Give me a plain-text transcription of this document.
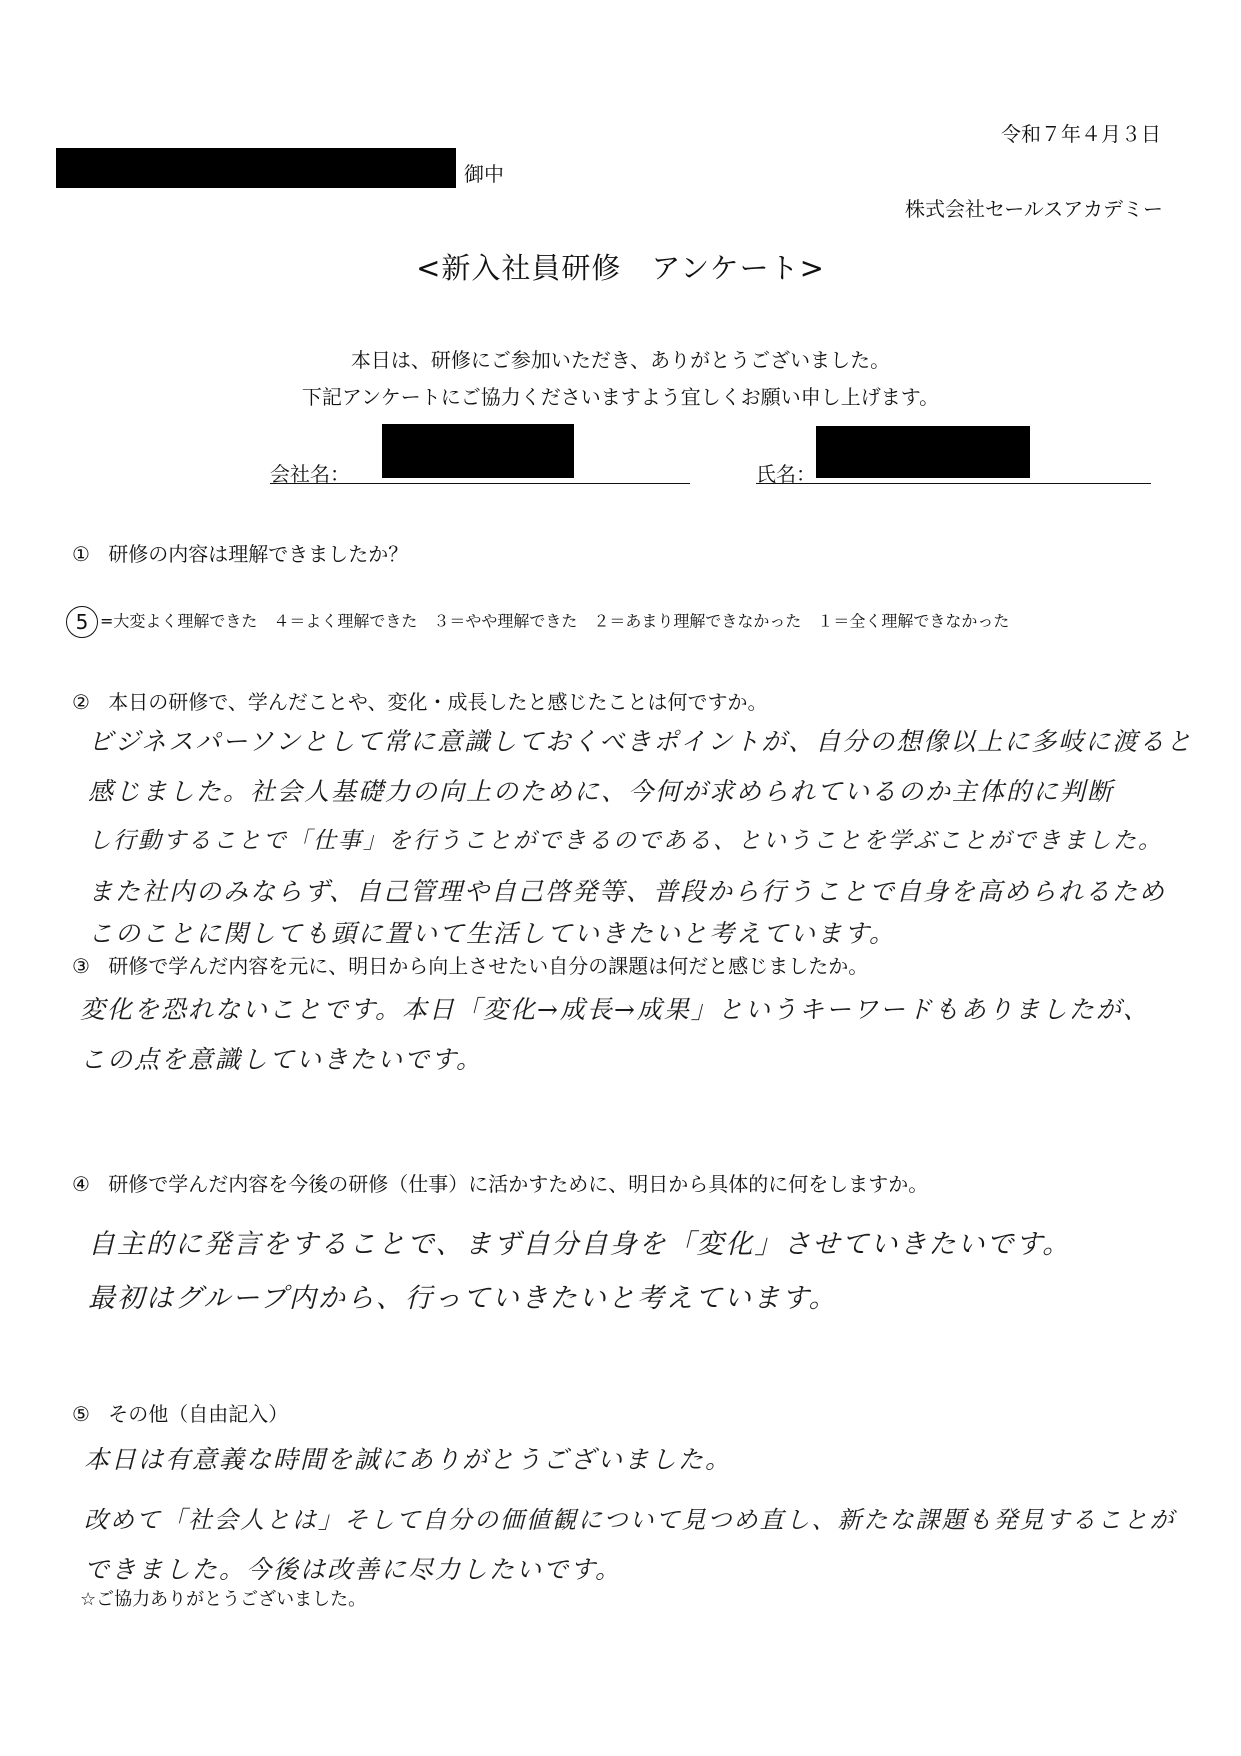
令和７年４月３日
御中
株式会社セールスアカデミー
<新入社員研修　アンケート>
本日は、研修にご参加いただき、ありがとうございました。
下記アンケートにご協力くださいますよう宜しくお願い申し上げます。
会社名：	氏名：
① 研修の内容は理解できましたか？
5 =大変よく理解できた　４＝よく理解できた　３＝やや理解できた　２＝あまり理解できなかった　１＝全く理解できなかった
② 本日の研修で、学んだことや、変化・成長したと感じたことは何ですか。
ビジネスパーソンとして常に意識しておくべきポイントが、自分の想像以上に多岐に渡ると
感じました。社会人基礎力の向上のために、今何が求められているのか主体的に判断
し行動することで「仕事」を行うことができるのである、ということを学ぶことができました。
また社内のみならず、自己管理や自己啓発等、普段から行うことで自身を高められるため
このことに関しても頭に置いて生活していきたいと考えています。
③ 研修で学んだ内容を元に、明日から向上させたい自分の課題は何だと感じましたか。
変化を恐れないことです。本日「変化→成長→成果」というキーワードもありましたが、
この点を意識していきたいです。
④ 研修で学んだ内容を今後の研修（仕事）に活かすために、明日から具体的に何をしますか。
自主的に発言をすることで、まず自分自身を「変化」させていきたいです。
最初はグループ内から、行っていきたいと考えています。
⑤ その他（自由記入）
本日は有意義な時間を誠にありがとうございました。
改めて「社会人とは」そして自分の価値観について見つめ直し、新たな課題も発見することが
できました。今後は改善に尽力したいです。
☆ご協力ありがとうございました。
